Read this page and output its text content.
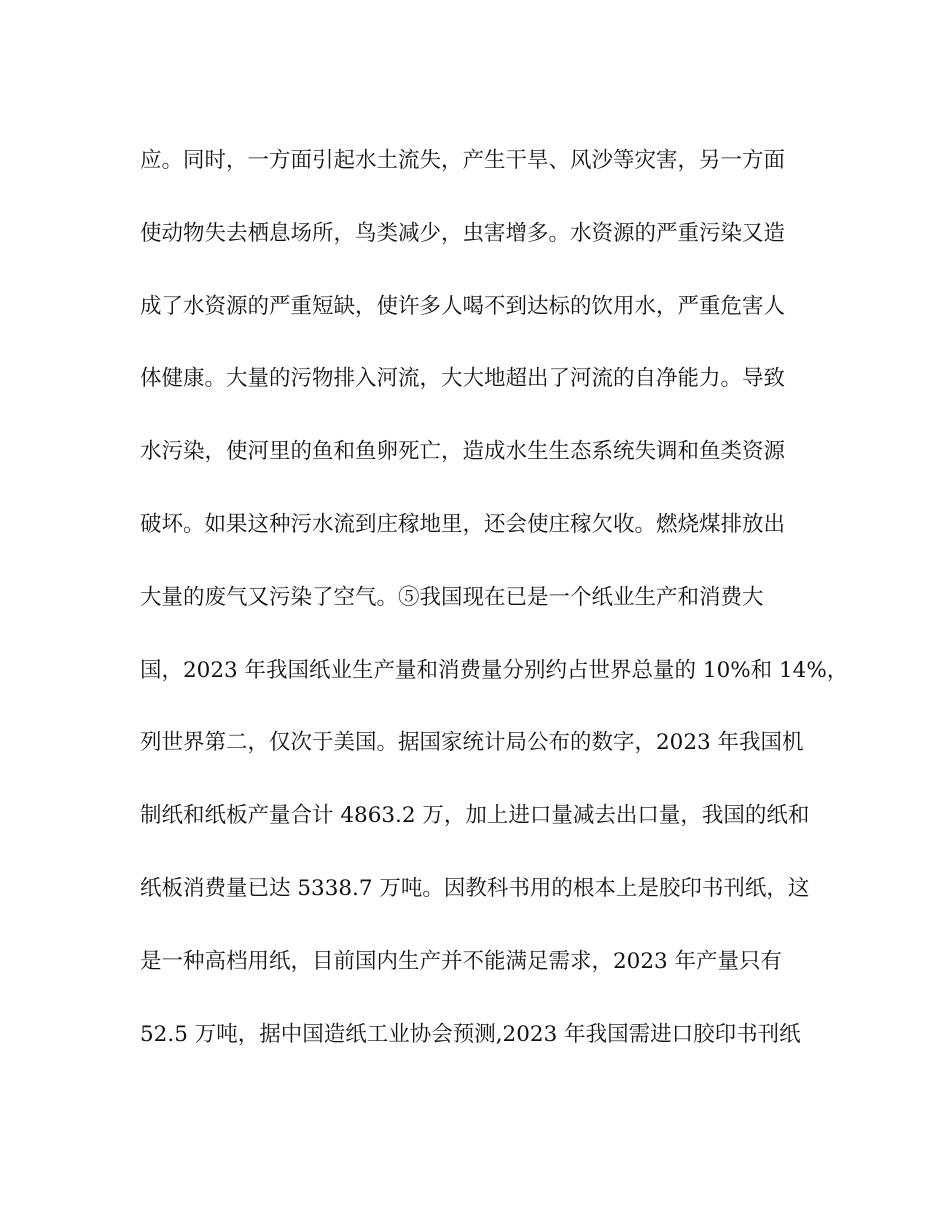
应。同时，一方面引起水土流失，产生干旱、风沙等灾害，另一方面
使动物失去栖息场所，鸟类减少，虫害增多。水资源的严重污染又造
成了水资源的严重短缺，使许多人喝不到达标的饮用水，严重危害人
体健康。大量的污物排入河流，大大地超出了河流的自净能力。导致
水污染，使河里的鱼和鱼卵死亡，造成水生生态系统失调和鱼类资源
破坏。如果这种污水流到庄稼地里，还会使庄稼欠收。燃烧煤排放出
大量的废气又污染了空气。⑤我国现在已是一个纸业生产和消费大
国，2023 年我国纸业生产量和消费量分别约占世界总量的 10%和 14%，
列世界第二，仅次于美国。据国家统计局公布的数字，2023 年我国机
制纸和纸板产量合计 4863.2 万，加上进口量减去出口量，我国的纸和
纸板消费量已达 5338.7 万吨。因教科书用的根本上是胶印书刊纸，这
是一种高档用纸，目前国内生产并不能满足需求，2023 年产量只有
52.5 万吨，据中国造纸工业协会预测,2023 年我国需进口胶印书刊纸
